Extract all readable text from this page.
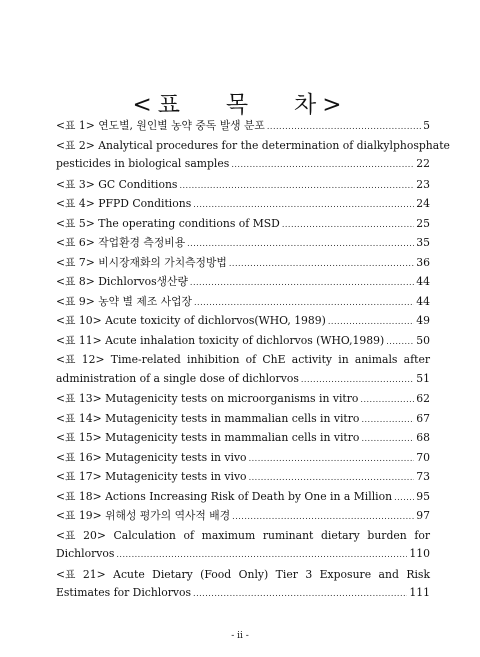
<표   목   차>
<표 1> 연도별, 원인별 농약 중독 발생 분포 .....	5
<표 2> Analytical procedures for the determination of dialkylphosphate
pesticides in biological samples .....	22
<표 3> GC Conditions .....	23
<표 4> PFPD Conditions .....	24
<표 5> The operating conditions of MSD .....	25
<표 6> 작업환경 측정비용 .....	35
<표 7> 비시장재화의 가치측정방법 .....	36
<표 8> Dichlorvos생산량 .....	44
<표 9> 농약 별 제조 사업장 .....	44
<표 10> Acute toxicity of dichlorvos(WHO, 1989) .....	49
<표 11> Acute inhalation toxicity of dichlorvos (WHO,1989) .....	50
<표 12> Time-related inhibition of ChE activity in animals after
administration of a single dose of dichlorvos .....	51
<표 13> Mutagenicity tests on microorganisms in vitro .....	62
<표 14> Mutagenicity tests in mammalian cells in vitro .....	67
<표 15> Mutagenicity tests in mammalian cells in vitro .....	68
<표 16> Mutagenicity tests in vivo .....	70
<표 17> Mutagenicity tests in vivo .....	73
<표 18> Actions Increasing Risk of Death by One in a Million ..... 95
<표 19> 위해성 평가의 역사적 배경 .....	97
<표 20> Calculation of maximum ruminant dietary burden for
Dichlorvos .....	110
<표 21> Acute Dietary (Food Only) Tier 3 Exposure and Risk
Estimates for Dichlorvos .....	111
- ii -
